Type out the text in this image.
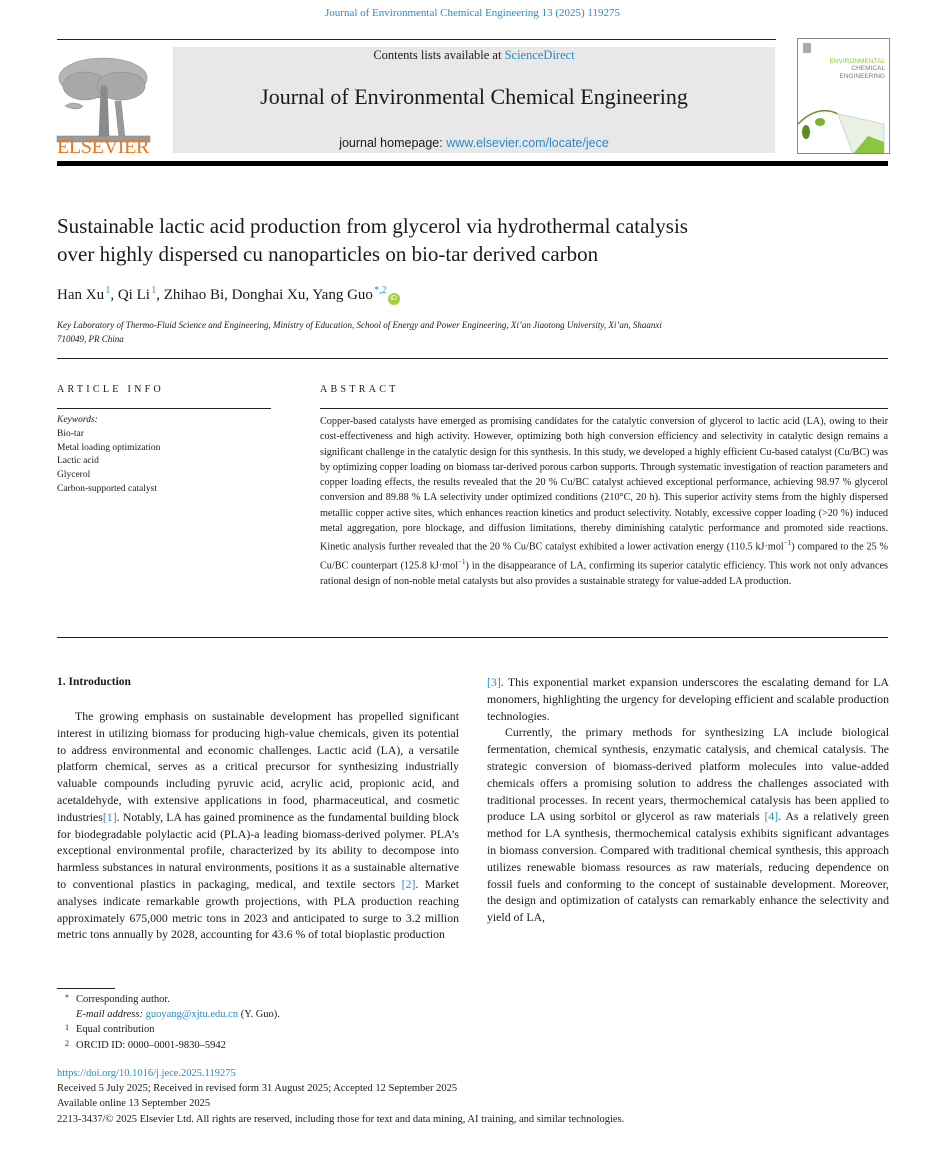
Journal of Environmental Chemical Engineering 13 (2025) 119275
ELSEVIER
Contents lists available at ScienceDirect
Journal of Environmental Chemical Engineering
journal homepage: www.elsevier.com/locate/jece
ENVIRONMENTAL
CHEMICAL
ENGINEERING
Sustainable lactic acid production from glycerol via hydrothermal catalysis
over highly dispersed cu nanoparticles on bio-tar derived carbon
Han Xu $^1$, Qi Li $^1$, Zhihao Bi, Donghai Xu, Yang Guo $^{*,2}$iD
Key Laboratory of Thermo-Fluid Science and Engineering, Ministry of Education, School of Energy and Power Engineering, Xi’an Jiaotong University, Xi’an, Shaanxi
710049, PR China
ARTICLE INFO
Keywords:
Bio-tar
Metal loading optimization
Lactic acid
Glycerol
Carbon-supported catalyst
ABSTRACT
Copper-based catalysts have emerged as promising candidates for the catalytic conversion of glycerol to lactic acid (LA), owing to their cost-effectiveness and high activity. However, optimizing both high conversion efficiency and selectivity in catalytic design remains a significant challenge in the catalytic design for this synthesis. In this study, we developed a highly efficient Cu-based catalyst (Cu/BC) was by optimizing copper loading on biomass tar-derived porous carbon supports. Through systematic investigation of reaction parameters and copper loading effects, the results revealed that the 20 % Cu/BC catalyst achieved exceptional performance, achieving 98.97 % glycerol conversion and 89.88 % LA selectivity under optimized conditions (210°C, 20 h). This superior activity stems from the highly dispersed metallic copper active sites, which enhances reaction kinetics and product selectivity. Notably, excessive copper loading (>20 %) induced metal aggregation, pore blockage, and diffusion limitations, thereby diminishing catalytic performance and promoted side reactions. Kinetic analysis further revealed that the 20 % Cu/BC catalyst exhibited a lower activation energy (110.5 kJ·mol$^{-1}$) compared to the 25 % Cu/BC counterpart (125.8 kJ·mol$^{-1}$) in the disappearance of LA, confirming its superior catalytic efficiency. This work not only advances rational design of non-noble metal catalysts but also provides a sustainable strategy for value-added LA production.
1. Introduction

The growing emphasis on sustainable development has propelled significant interest in utilizing biomass for producing high-value chemicals, given its potential to address environmental and economic challenges. Lactic acid (LA), a versatile platform chemical, serves as a critical precursor for synthesizing industrially valuable compounds including pyruvic acid, acrylic acid, propionic acid, and acetaldehyde, with extensive applications in food, pharmaceutical, and cosmetic industries[1]. Notably, LA has gained prominence as the fundamental building block for biodegradable polylactic acid (PLA)-a leading biomass-derived polymer. PLA’s exceptional environmental profile, characterized by its ability to decompose into harmless substances in natural environments, positions it as a sustainable alternative to conventional plastics in packaging, medical, and textile sectors [2]. Market analyses indicate remarkable growth projections, with PLA production reaching approximately 675,000 metric tons in 2023 and anticipated to surge to 3.2 million metric tons annually by 2028, accounting for 43.6 % of total bioplastic production

[3]. This exponential market expansion underscores the escalating demand for LA monomers, highlighting the urgency for developing efficient and scalable production technologies.

Currently, the primary methods for synthesizing LA include biological fermentation, chemical synthesis, enzymatic catalysis, and chemical catalysis. The strategic conversion of biomass-derived platform molecules into value-added chemicals offers a promising solution to address the challenges associated with traditional processes. In recent years, thermochemical catalysis has been applied to produce LA using sorbitol or glycerol as raw materials [4]. As a relatively green method for LA synthesis, thermochemical catalysis exhibits significant advantages in biomass conversion. Compared with traditional chemical synthesis, this approach utilizes renewable biomass resources as raw materials, reducing dependence on fossil fuels and conforming to the concept of sustainable development. Moreover, the design and optimization of catalysts can remarkably enhance the selectivity and yield of LA,

* Corresponding author.
E-mail address: guoyang@xjtu.edu.cn (Y. Guo).
1 Equal contribution
2 ORCID ID: 0000–0001-9830–5942
https://doi.org/10.1016/j.jece.2025.119275
Received 5 July 2025; Received in revised form 31 August 2025; Accepted 12 September 2025
Available online 13 September 2025
2213-3437/© 2025 Elsevier Ltd. All rights are reserved, including those for text and data mining, AI training, and similar technologies.
